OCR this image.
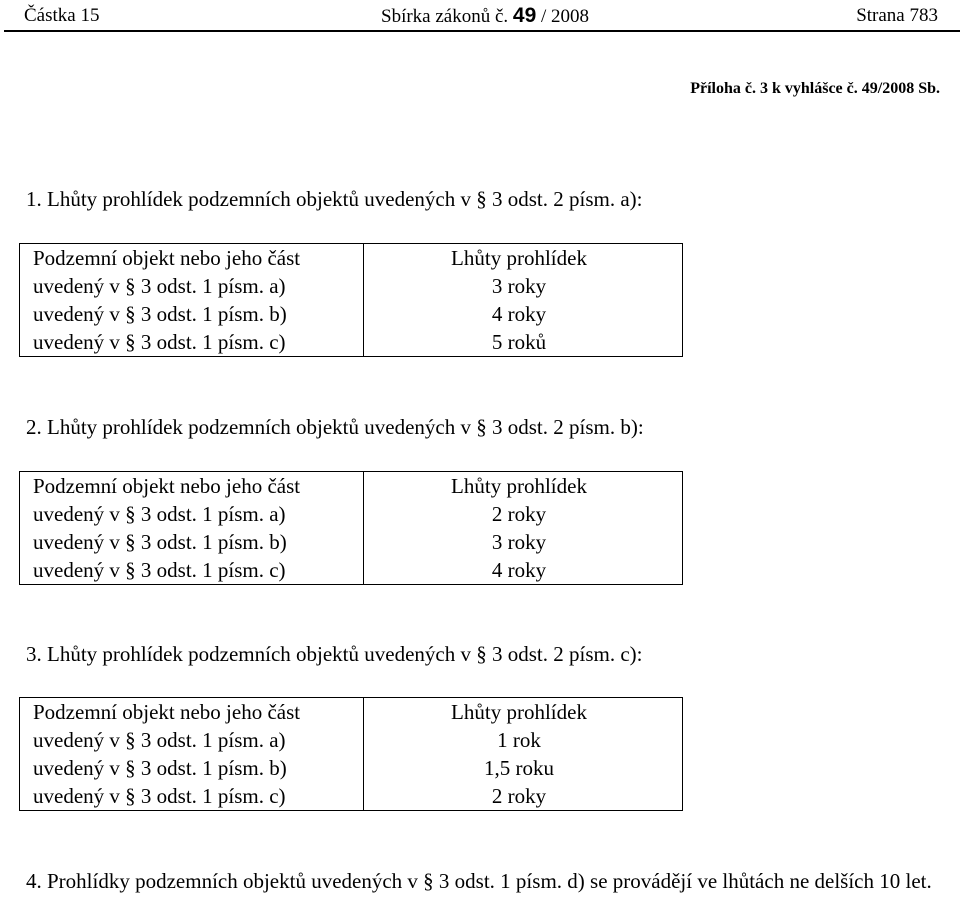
Částka 15	Sbírka zákonů č. 49 / 2008	Strana 783
Příloha č. 3 k vyhlášce č. 49/2008 Sb.
1. Lhůty prohlídek podzemních objektů uvedených v § 3 odst. 2 písm. a):
Podzemní objekt nebo jeho část	Lhůty prohlídek
uvedený v § 3 odst. 1 písm. a)	3 roky
uvedený v § 3 odst. 1 písm. b)	4 roky
uvedený v § 3 odst. 1 písm. c)	5 roků
2. Lhůty prohlídek podzemních objektů uvedených v § 3 odst. 2 písm. b):
Podzemní objekt nebo jeho část	Lhůty prohlídek
uvedený v § 3 odst. 1 písm. a)	2 roky
uvedený v § 3 odst. 1 písm. b)	3 roky
uvedený v § 3 odst. 1 písm. c)	4 roky
3. Lhůty prohlídek podzemních objektů uvedených v § 3 odst. 2 písm. c):
Podzemní objekt nebo jeho část	Lhůty prohlídek
uvedený v § 3 odst. 1 písm. a)	1 rok
uvedený v § 3 odst. 1 písm. b)	1,5 roku
uvedený v § 3 odst. 1 písm. c)	2 roky
4. Prohlídky podzemních objektů uvedených v § 3 odst. 1 písm. d) se provádějí ve lhůtách ne delších 10 let.
